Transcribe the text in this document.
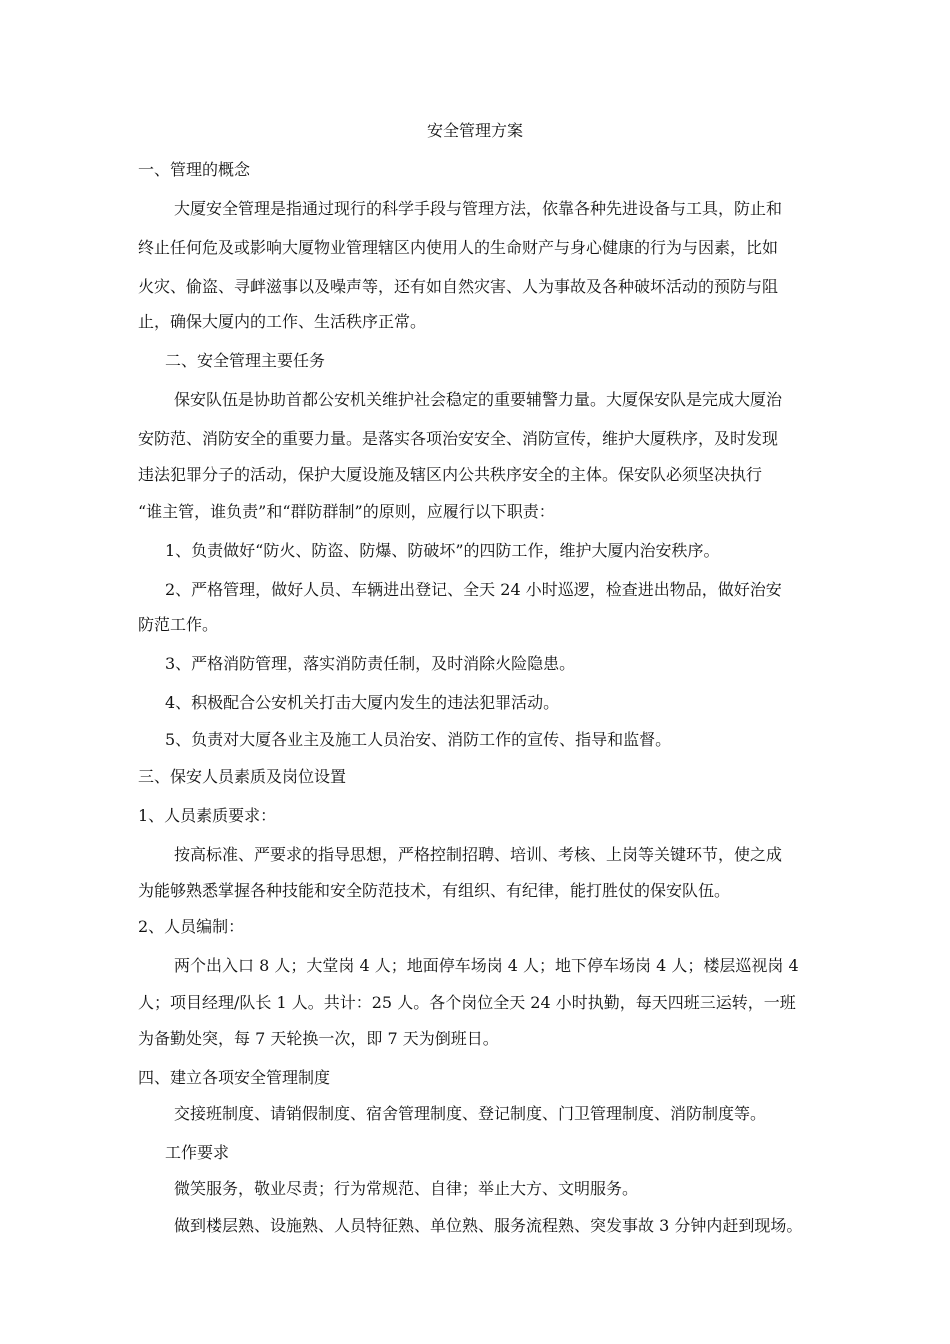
安全管理方案
一、管理的概念
大厦安全管理是指通过现行的科学手段与管理方法，依靠各种先进设备与工具，防止和
终止任何危及或影响大厦物业管理辖区内使用人的生命财产与身心健康的行为与因素，比如
火灾、偷盗、寻衅滋事以及噪声等，还有如自然灾害、人为事故及各种破坏活动的预防与阻
止，确保大厦内的工作、生活秩序正常。
二、安全管理主要任务
保安队伍是协助首都公安机关维护社会稳定的重要辅警力量。大厦保安队是完成大厦治
安防范、消防安全的重要力量。是落实各项治安安全、消防宣传，维护大厦秩序，及时发现
违法犯罪分子的活动，保护大厦设施及辖区内公共秩序安全的主体。保安队必须坚决执行
“谁主管，谁负责”和“群防群制”的原则，应履行以下职责：
1、负责做好“防火、防盗、防爆、防破坏”的四防工作，维护大厦内治安秩序。
2、严格管理，做好人员、车辆进出登记、全天 24 小时巡逻，检查进出物品，做好治安
防范工作。
3、严格消防管理，落实消防责任制，及时消除火险隐患。
4、积极配合公安机关打击大厦内发生的违法犯罪活动。
5、负责对大厦各业主及施工人员治安、消防工作的宣传、指导和监督。
三、保安人员素质及岗位设置
1、人员素质要求：
按高标准、严要求的指导思想，严格控制招聘、培训、考核、上岗等关键环节，使之成
为能够熟悉掌握各种技能和安全防范技术，有组织、有纪律，能打胜仗的保安队伍。
2、人员编制：
两个出入口 8 人；大堂岗 4 人；地面停车场岗 4 人；地下停车场岗 4 人；楼层巡视岗 4
人；项目经理/队长 1 人。共计：25 人。各个岗位全天 24 小时执勤，每天四班三运转，一班
为备勤处突，每 7 天轮换一次，即 7 天为倒班日。
四、建立各项安全管理制度
交接班制度、请销假制度、宿舍管理制度、登记制度、门卫管理制度、消防制度等。
工作要求
微笑服务，敬业尽责；行为常规范、自律；举止大方、文明服务。
做到楼层熟、设施熟、人员特征熟、单位熟、服务流程熟、突发事故 3 分钟内赶到现场。
